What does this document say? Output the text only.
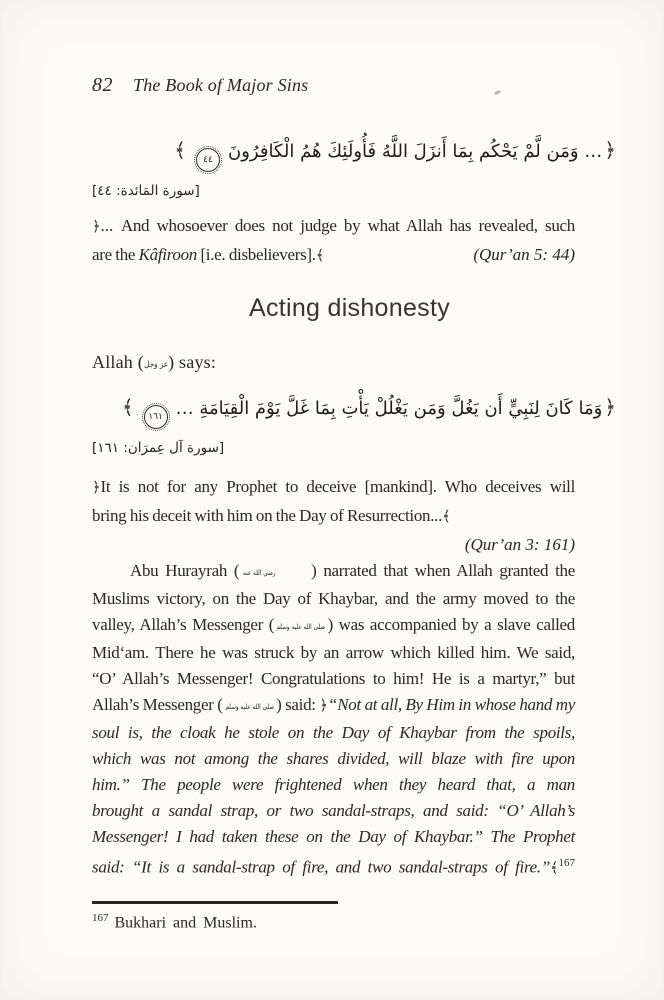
82 The Book of Major Sins
﴿… وَمَن لَّمْ يَحْكُم بِمَا أَنزَلَ اللَّهُ فَأُولَئِكَ هُمُ الْكَافِرُونَ٤٤﴾
[سورة المَائدة: ٤٤]
﴿... And whosoever does not judge by what Allah has revealed, such
are the Kâfiroon [i.e. disbelievers].﴾	(Qur’an 5: 44)
Acting dishonesty
Allah (عز وجل) says:
﴿وَمَا كَانَ لِنَبِيٍّ أَن يَغُلَّ وَمَن يَغْلُلْ يَأْتِ بِمَا غَلَّ يَوْمَ الْقِيَامَةِ …١٦١﴾
[سورة آل عِمرَان: ١٦١]
﴿It is not for any Prophet to deceive [mankind]. Who deceives will
bring his deceit with him on the Day of Resurrection...﴾
(Qur’an 3: 161)
Abu Hurayrah ( رضي الله عنه ) narrated that when Allah granted the
Muslims victory, on the Day of Khaybar, and the army moved to the
valley, Allah’s Messenger ( صلى الله عليه وسلم ) was accompanied by a slave called
Mid‘am. There he was struck by an arrow which killed him. We said,
“O’ Allah’s Messenger! Congratulations to him! He is a martyr,” but
Allah’s Messenger ( صلى الله عليه وسلم ) said: ﴿“Not at all, By Him in whose hand my
soul is, the cloak he stole on the Day of Khaybar from the spoils,
which was not among the shares divided, will blaze with fire upon
him.” The people were frightened when they heard that, a man
brought a sandal strap, or two sandal-straps, and said: “O’ Allah’s
Messenger! I had taken these on the Day of Khaybar.” The Prophet
said: “It is a sandal-strap of fire, and two sandal-straps of fire.”﴾$^{167}$
$^{167}$ Bukhari and Muslim.
